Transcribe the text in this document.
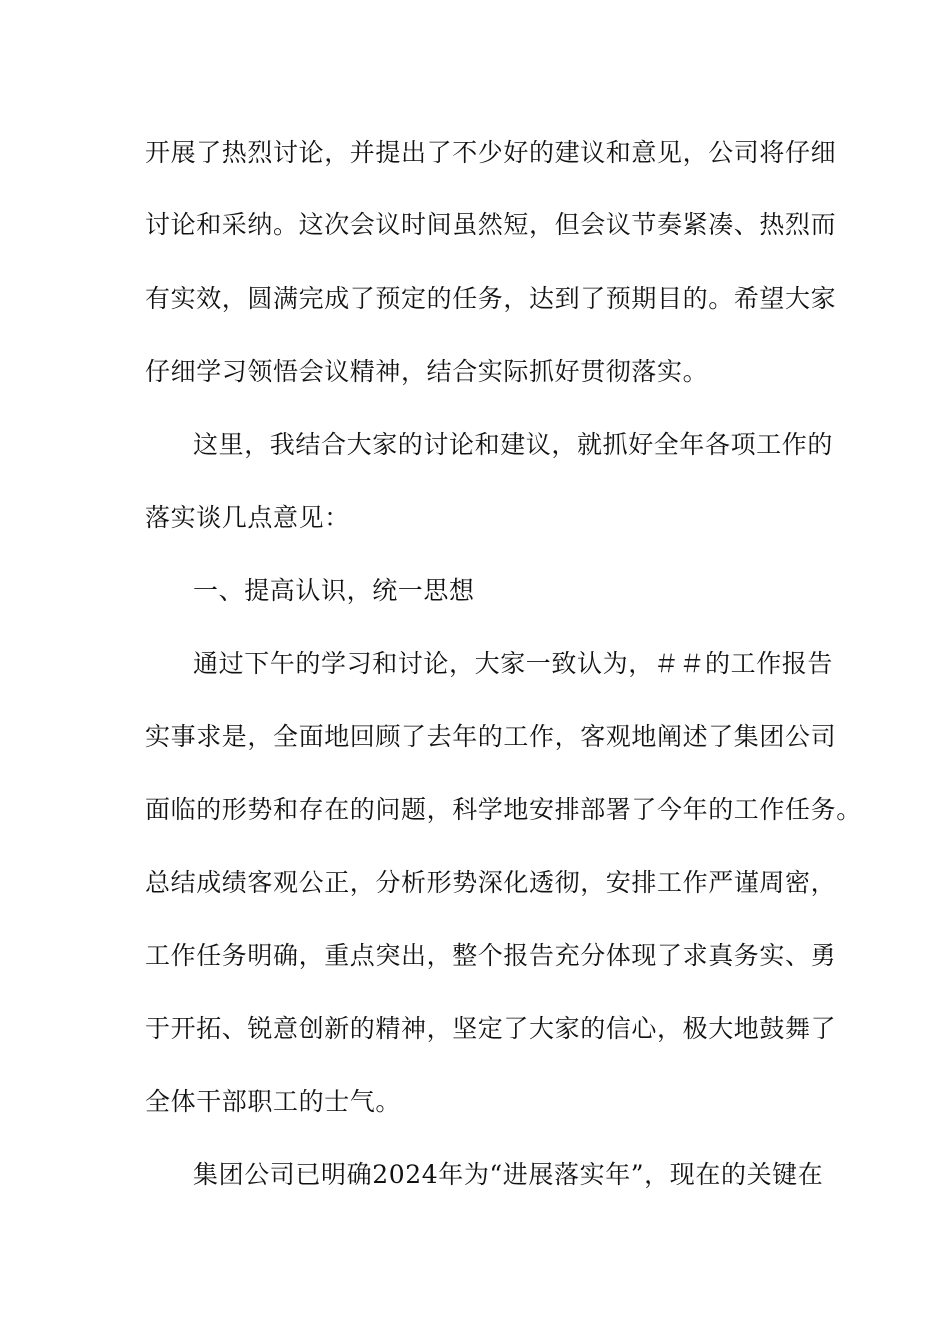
开展了热烈讨论，并提出了不少好的建议和意见，公司将仔细
讨论和采纳。这次会议时间虽然短，但会议节奏紧凑、热烈而
有实效，圆满完成了预定的任务，达到了预期目的。希望大家
仔细学习领悟会议精神，结合实际抓好贯彻落实。
这里，我结合大家的讨论和建议，就抓好全年各项工作的
落实谈几点意见：
一、提高认识，统一思想
通过下午的学习和讨论，大家一致认为，＃＃的工作报告
实事求是，全面地回顾了去年的工作，客观地阐述了集团公司
面临的形势和存在的问题，科学地安排部署了今年的工作任务。
总结成绩客观公正，分析形势深化透彻，安排工作严谨周密，
工作任务明确，重点突出，整个报告充分体现了求真务实、勇
于开拓、锐意创新的精神，坚定了大家的信心，极大地鼓舞了
全体干部职工的士气。
集团公司已明确2024年为“进展落实年”，现在的关键在
